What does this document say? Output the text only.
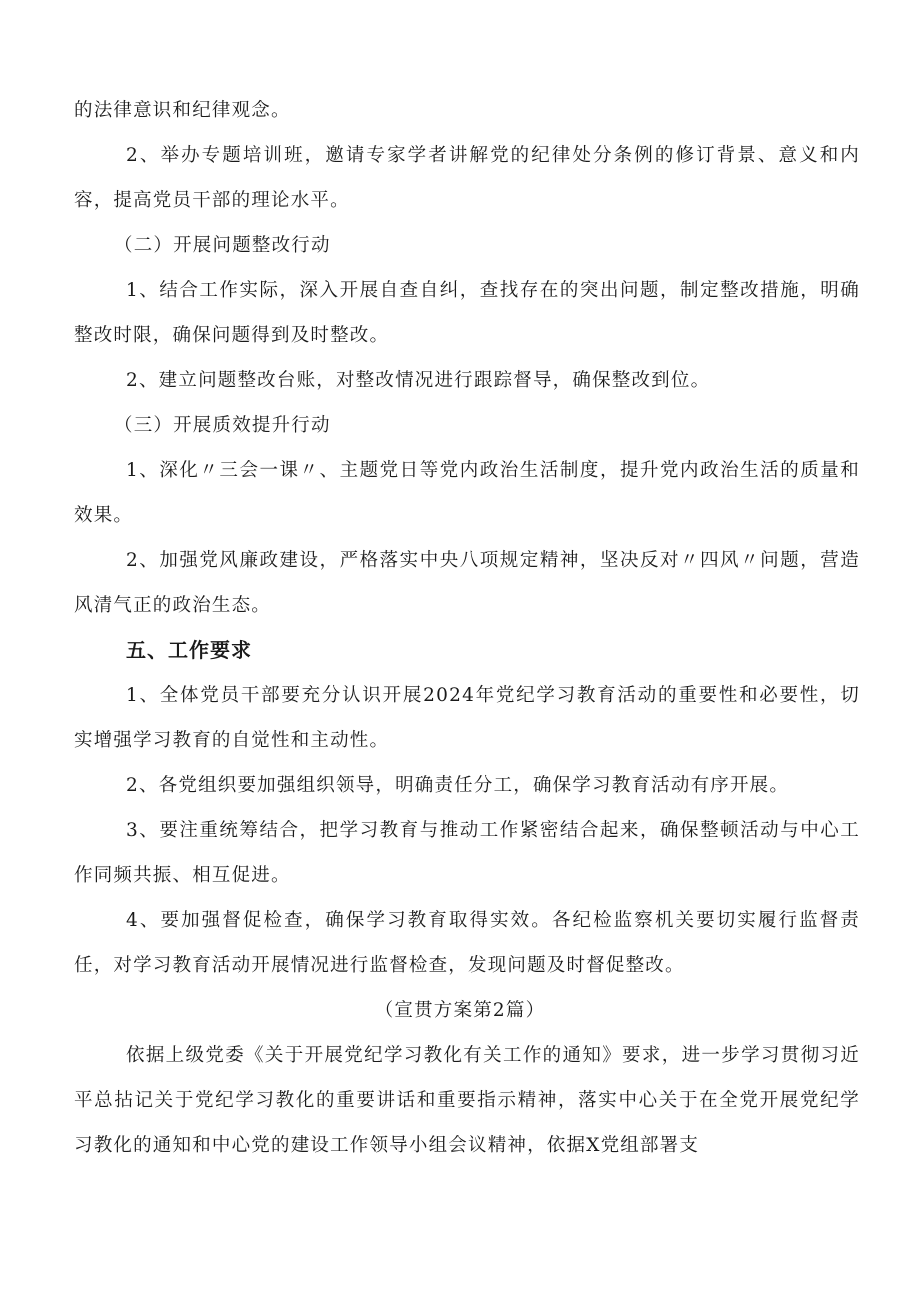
的法律意识和纪律观念。

2、举办专题培训班，邀请专家学者讲解党的纪律处分条例的修订背景、意义和内容，提高党员干部的理论水平。

（二）开展问题整改行动

1、结合工作实际，深入开展自查自纠，查找存在的突出问题，制定整改措施，明确整改时限，确保问题得到及时整改。

2、建立问题整改台账，对整改情况进行跟踪督导，确保整改到位。

（三）开展质效提升行动

1、深化〃三会一课〃、主题党日等党内政治生活制度，提升党内政治生活的质量和效果。

2、加强党风廉政建设，严格落实中央八项规定精神，坚决反对〃四风〃问题，营造风清气正的政治生态。

五、工作要求

1、全体党员干部要充分认识开展2024年党纪学习教育活动的重要性和必要性，切实增强学习教育的自觉性和主动性。

2、各党组织要加强组织领导，明确责任分工，确保学习教育活动有序开展。

3、要注重统筹结合，把学习教育与推动工作紧密结合起来，确保整顿活动与中心工作同频共振、相互促进。

4、要加强督促检查，确保学习教育取得实效。各纪检监察机关要切实履行监督责任，对学习教育活动开展情况进行监督检查，发现问题及时督促整改。

（宣贯方案第2篇）

依据上级党委《关于开展党纪学习教化有关工作的通知》要求，进一步学习贯彻习近平总拈记关于党纪学习教化的重要讲话和重要指示精神，落实中心关于在全党开展党纪学习教化的通知和中心党的建设工作领导小组会议精神，依据X党组部署支
